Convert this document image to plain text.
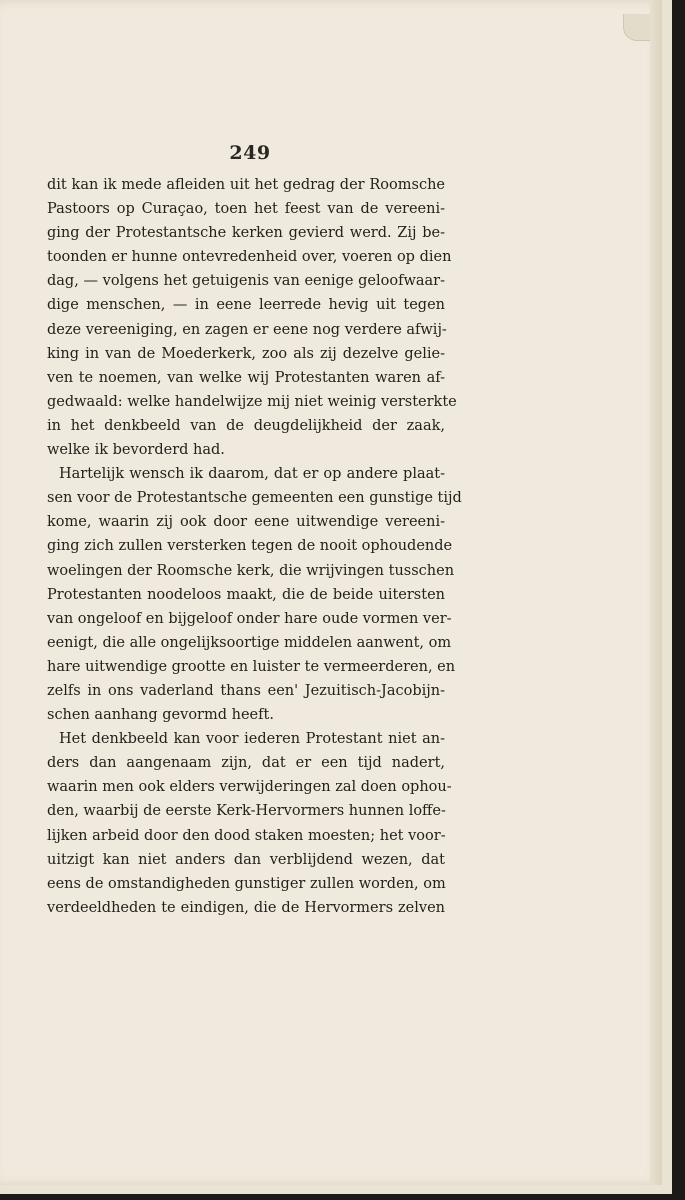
249
dit kan ik mede afleiden uit het gedrag der Roomsche
Pastoors op Curaçao, toen het feest van de vereeni-
ging der Protestantsche kerken gevierd werd. Zij be-
toonden er hunne ontevredenheid over, voeren op dien
dag, — volgens het getuigenis van eenige geloofwaar-
dige menschen, — in eene leerrede hevig uit tegen
deze vereeniging, en zagen er eene nog verdere afwij-
king in van de Moederkerk, zoo als zij dezelve gelie-
ven te noemen, van welke wij Protestanten waren af-
gedwaald: welke handelwijze mij niet weinig versterkte
in het denkbeeld van de deugdelijkheid der zaak,
welke ik bevorderd had.
Hartelijk wensch ik daarom, dat er op andere plaat-
sen voor de Protestantsche gemeenten een gunstige tijd
kome, waarin zij ook door eene uitwendige vereeni-
ging zich zullen versterken tegen de nooit ophoudende
woelingen der Roomsche kerk, die wrijvingen tusschen
Protestanten noodeloos maakt, die de beide uitersten
van ongeloof en bijgeloof onder hare oude vormen ver-
eenigt, die alle ongelijksoortige middelen aanwent, om
hare uitwendige grootte en luister te vermeerderen, en
zelfs in ons vaderland thans een' Jezuitisch-Jacobijn-
schen aanhang gevormd heeft.
Het denkbeeld kan voor iederen Protestant niet an-
ders dan aangenaam zijn, dat er een tijd nadert,
waarin men ook elders verwijderingen zal doen ophou-
den, waarbij de eerste Kerk-Hervormers hunnen loffe-
lijken arbeid door den dood staken moesten; het voor-
uitzigt kan niet anders dan verblijdend wezen, dat
eens de omstandigheden gunstiger zullen worden, om
verdeeldheden te eindigen, die de Hervormers zelven
